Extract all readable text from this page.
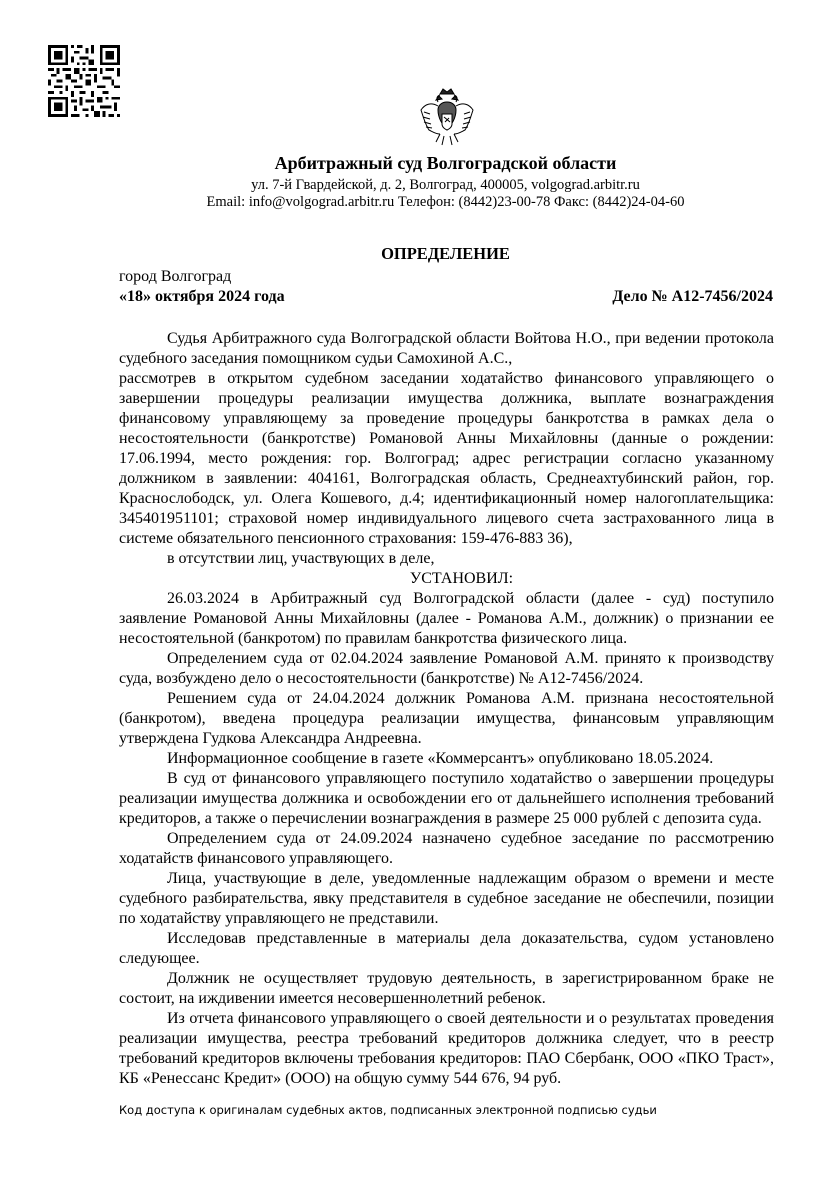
Арбитражный суд Волгоградской области
ул. 7-й Гвардейской, д. 2, Волгоград, 400005, volgograd.arbitr.ru
Email: info@volgograd.arbitr.ru Телефон: (8442)23-00-78 Факс: (8442)24-04-60
ОПРЕДЕЛЕНИЕ
город Волгоград
«18» октября 2024 года	Дело № А12-7456/2024

Судья Арбитражного суда Волгоградской области Войтова Н.О., при ведении протокола судебного заседания помощником судьи Самохиной А.С.,

рассмотрев в открытом судебном заседании ходатайство финансового управляющего о завершении процедуры реализации имущества должника, выплате вознаграждения финансовому управляющему за проведение процедуры банкротства в рамках дела о несостоятельности (банкротстве) Романовой Анны Михайловны (данные о рождении: 17.06.1994, место рождения: гор. Волгоград; адрес регистрации согласно указанному должником в заявлении: 404161, Волгоградская область, Среднеахтубинский район, гор. Краснослободск, ул. Олега Кошевого, д.4; идентификационный номер налогоплательщика: 345401951101; страховой номер индивидуального лицевого счета застрахованного лица в системе обязательного пенсионного страхования: 159-476-883 36),

в отсутствии лиц, участвующих в деле,

УСТАНОВИЛ:

26.03.2024 в Арбитражный суд Волгоградской области (далее - суд) поступило заявление Романовой Анны Михайловны (далее - Романова А.М., должник) о признании ее несостоятельной (банкротом) по правилам банкротства физического лица.

Определением суда от 02.04.2024 заявление Романовой А.М. принято к производству суда, возбуждено дело о несостоятельности (банкротстве) № А12-7456/2024.

Решением суда от 24.04.2024 должник Романова А.М. признана несостоятельной (банкротом), введена процедура реализации имущества, финансовым управляющим утверждена Гудкова Александра Андреевна.

Информационное сообщение в газете «Коммерсантъ» опубликовано 18.05.2024.

В суд от финансового управляющего поступило ходатайство о завершении процедуры реализации имущества должника и освобождении его от дальнейшего исполнения требований кредиторов, а также о перечислении вознаграждения в размере 25 000 рублей с депозита суда.

Определением суда от 24.09.2024 назначено судебное заседание по рассмотрению ходатайств финансового управляющего.

Лица, участвующие в деле, уведомленные надлежащим образом о времени и месте судебного разбирательства, явку представителя в судебное заседание не обеспечили, позиции по ходатайству управляющего не представили.

Исследовав представленные в материалы дела доказательства, судом установлено следующее.

Должник не осуществляет трудовую деятельность, в зарегистрированном браке не состоит, на иждивении имеется несовершеннолетний ребенок.

Из отчета финансового управляющего о своей деятельности и о результатах проведения реализации имущества, реестра требований кредиторов должника следует, что в реестр требований кредиторов включены требования кредиторов: ПАО Сбербанк, ООО «ПКО Траст», КБ «Ренессанс Кредит» (ООО) на общую сумму 544 676, 94 руб.

Код доступа к оригиналам судебных актов, подписанных электронной подписью судьи
